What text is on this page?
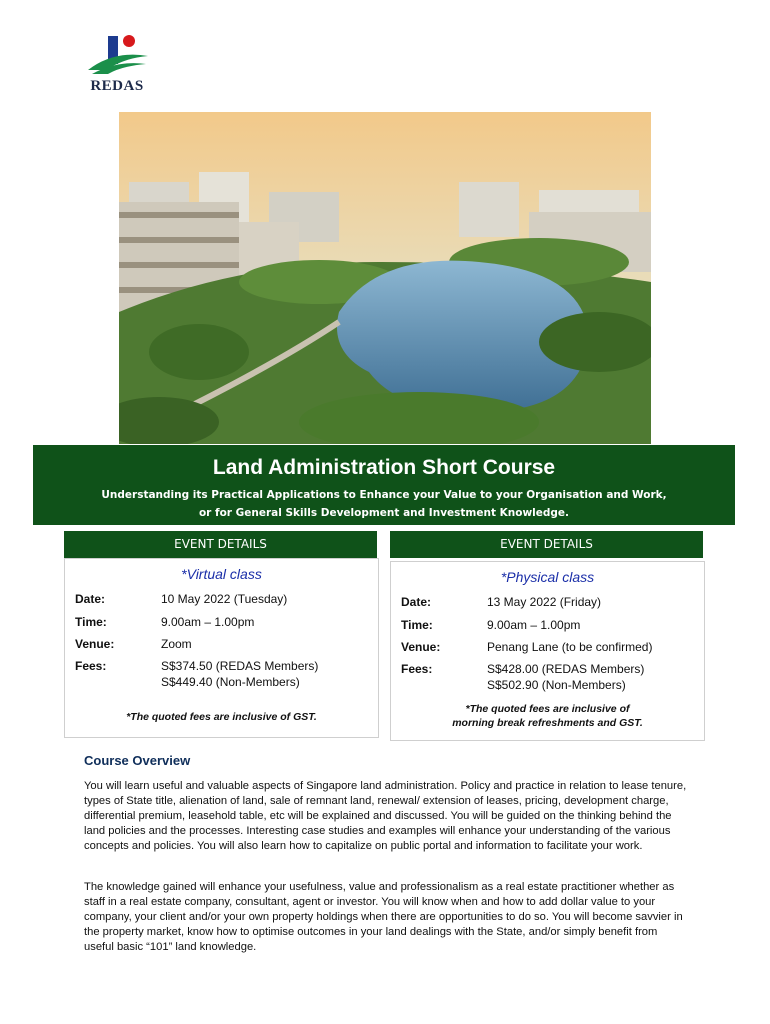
REDAS
Land Administration Short Course
Understanding its Practical Applications to Enhance your Value to your Organisation and Work,
or for General Skills Development and Investment Knowledge.
EVENT DETAILS
*Virtual class
Date:	10 May 2022 (Tuesday)
Time:	9.00am – 1.00pm
Venue:	Zoom
Fees:	S$374.50 (REDAS Members)
S$449.40 (Non-Members)
*The quoted fees are inclusive of GST.
EVENT DETAILS
*Physical class
Date:	13 May 2022 (Friday)
Time:	9.00am – 1.00pm
Venue:	Penang Lane (to be confirmed)
Fees:	S$428.00 (REDAS Members)
S$502.90 (Non-Members)
*The quoted fees are inclusive of
morning break refreshments and GST.
Course Overview

You will learn useful and valuable aspects of Singapore land administration. Policy and practice in relation to lease tenure, types of State title, alienation of land, sale of remnant land, renewal/ extension of leases, pricing, development charge, differential premium, leasehold table, etc will be explained and discussed. You will be guided on the thinking behind the land policies and the processes. Interesting case studies and examples will enhance your understanding of the various concepts and policies. You will also learn how to capitalize on public portal and information to facilitate your work.

The knowledge gained will enhance your usefulness, value and professionalism as a real estate practitioner whether as staff in a real estate company, consultant, agent or investor. You will know when and how to add dollar value to your company, your client and/or your own property holdings when there are opportunities to do so. You will become savvier in the property market, know how to optimise outcomes in your land dealings with the State, and/or simply benefit from useful basic “101” land knowledge.
